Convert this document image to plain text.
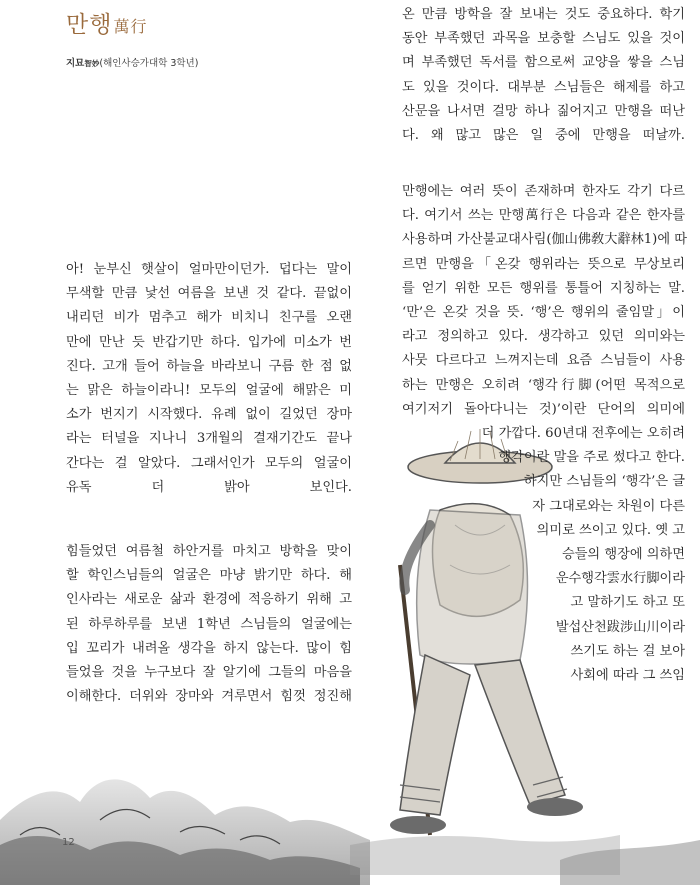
만행萬行
지묘智妙(해인사승가대학 3학년)
아! 눈부신 햇살이 얼마만이던가. 덥다는 말이
무색할 만큼 낯선 여름을 보낸 것 같다. 끝없이
내리던 비가 멈추고 해가 비치니 친구를 오랜
만에 만난 듯 반갑기만 하다. 입가에 미소가 번
진다. 고개 들어 하늘을 바라보니 구름 한 점 없
는 맑은 하늘이라니! 모두의 얼굴에 해맑은 미
소가 번지기 시작했다. 유례 없이 길었던 장마
라는 터널을 지나니 3개월의 결재기간도 끝나
간다는 걸 알았다. 그래서인가 모두의 얼굴이
유독 더 밝아 보인다.
힘들었던 여름철 하안거를 마치고 방학을 맞이
할 학인스님들의 얼굴은 마냥 밝기만 하다. 해
인사라는 새로운 삶과 환경에 적응하기 위해 고
된 하루하루를 보낸 1학년 스님들의 얼굴에는
입 꼬리가 내려올 생각을 하지 않는다. 많이 힘
들었을 것을 누구보다 잘 알기에 그들의 마음을
이해한다. 더위와 장마와 겨루면서 힘껏 정진해
온 만큼 방학을 잘 보내는 것도 중요하다. 학기
동안 부족했던 과목을 보충할 스님도 있을 것이
며 부족했던 독서를 함으로써 교양을 쌓을 스님
도 있을 것이다. 대부분 스님들은 해제를 하고
산문을 나서면 걸망 하나 짊어지고 만행을 떠난
다. 왜 많고 많은 일 중에 만행을 떠날까.
만행에는 여러 뜻이 존재하며 한자도 각기 다르
다. 여기서 쓰는 만행萬行은 다음과 같은 한자를
사용하며 가산불교대사림(伽山佛敎大辭林1)에 따
르면 만행을「온갖 행위라는 뜻으로 무상보리
를 얻기 위한 모든 행위를 통틀어 지칭하는 말.
‘만’은 온갖 것을 뜻. ‘행’은 행위의 줄임말」이
라고 정의하고 있다. 생각하고 있던 의미와는
사뭇 다르다고 느껴지는데 요즘 스님들이 사용
하는 만행은 오히려 ‘행각行脚(어떤 목적으로
여기저기 돌아다니는 것)’이란 단어의 의미에
더 가깝다. 60년대 전후에는 오히려
행각이란 말을 주로 썼다고 한다.
하지만 스님들의 ‘행각’은 글
자 그대로와는 차원이 다른
의미로 쓰이고 있다. 옛 고
승들의 행장에 의하면
운수행각雲水行脚이라
고 말하기도 하고 또
발섭산천跋涉山川이라
쓰기도 하는 걸 보아
사회에 따라 그 쓰임
12
